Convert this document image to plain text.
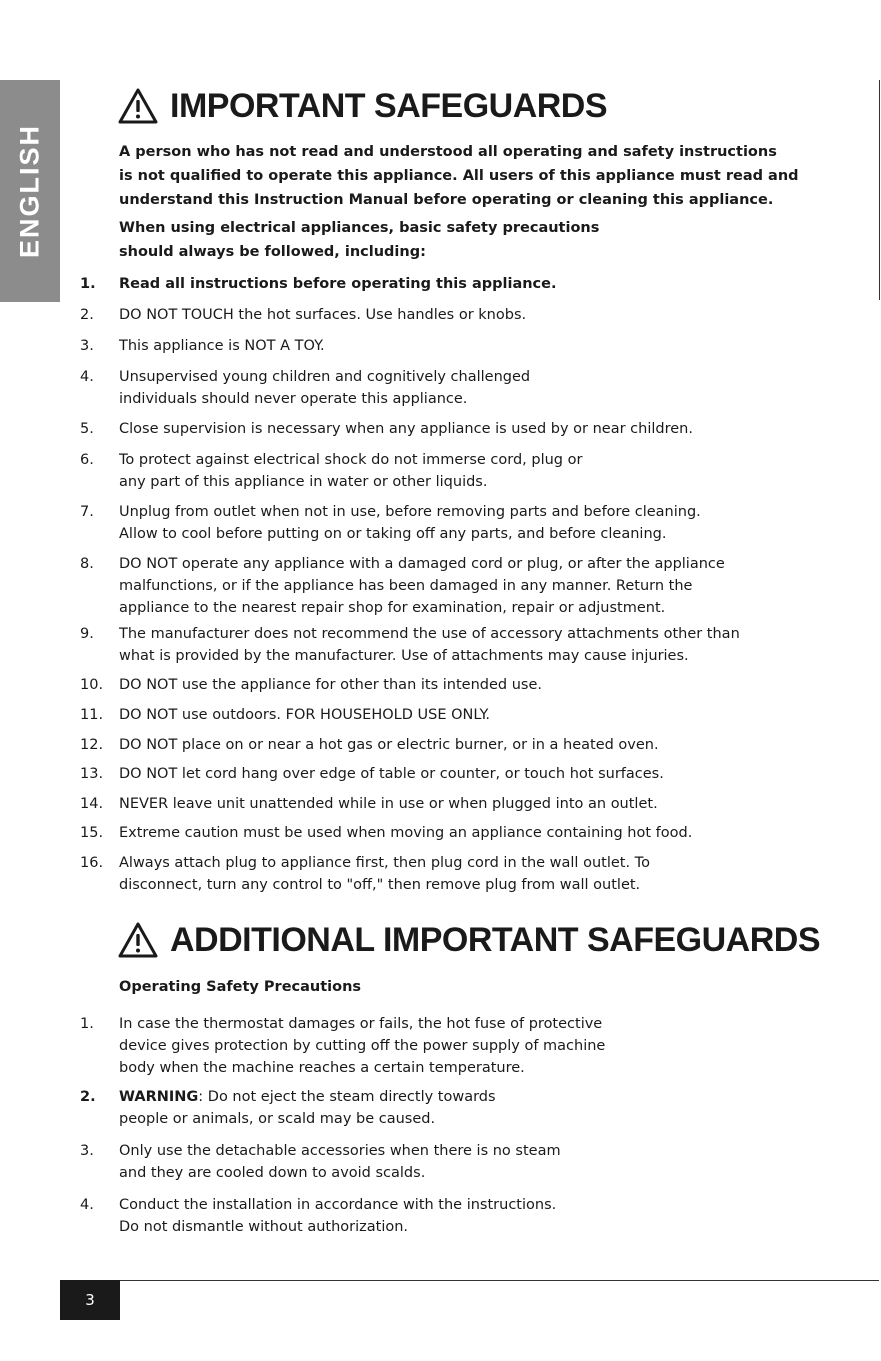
ENGLISH
IMPORTANT SAFEGUARDS
A person who has not read and understood all operating and safety instructions
is not qualified to operate this appliance. All users of this appliance must read and
understand this Instruction Manual before operating or cleaning this appliance.
When using electrical appliances, basic safety precautions
should always be followed, including:
1. Read all instructions before operating this appliance.
2. DO NOT TOUCH the hot surfaces. Use handles or knobs.
3. This appliance is NOT A TOY.
4. Unsupervised young children and cognitively challenged
individuals should never operate this appliance.
5. Close supervision is necessary when any appliance is used by or near children.
6. To protect against electrical shock do not immerse cord, plug or
any part of this appliance in water or other liquids.
7. Unplug from outlet when not in use, before removing parts and before cleaning.
Allow to cool before putting on or taking off any parts, and before cleaning.
8. DO NOT operate any appliance with a damaged cord or plug, or after the appliance
malfunctions, or if the appliance has been damaged in any manner. Return the
appliance to the nearest repair shop for examination, repair or adjustment.
9. The manufacturer does not recommend the use of accessory attachments other than
what is provided by the manufacturer. Use of attachments may cause injuries.
10. DO NOT use the appliance for other than its intended use.
11. DO NOT use outdoors. FOR HOUSEHOLD USE ONLY.
12. DO NOT place on or near a hot gas or electric burner, or in a heated oven.
13. DO NOT let cord hang over edge of table or counter, or touch hot surfaces.
14. NEVER leave unit unattended while in use or when plugged into an outlet.
15. Extreme caution must be used when moving an appliance containing hot food.
16. Always attach plug to appliance first, then plug cord in the wall outlet. To
disconnect, turn any control to "off," then remove plug from wall outlet.
ADDITIONAL IMPORTANT SAFEGUARDS
Operating Safety Precautions
1. In case the thermostat damages or fails, the hot fuse of protective
device gives protection by cutting off the power supply of machine
body when the machine reaches a certain temperature.
2. WARNING: Do not eject the steam directly towards
people or animals, or scald may be caused.
3. Only use the detachable accessories when there is no steam
and they are cooled down to avoid scalds.
4. Conduct the installation in accordance with the instructions.
Do not dismantle without authorization.
3
